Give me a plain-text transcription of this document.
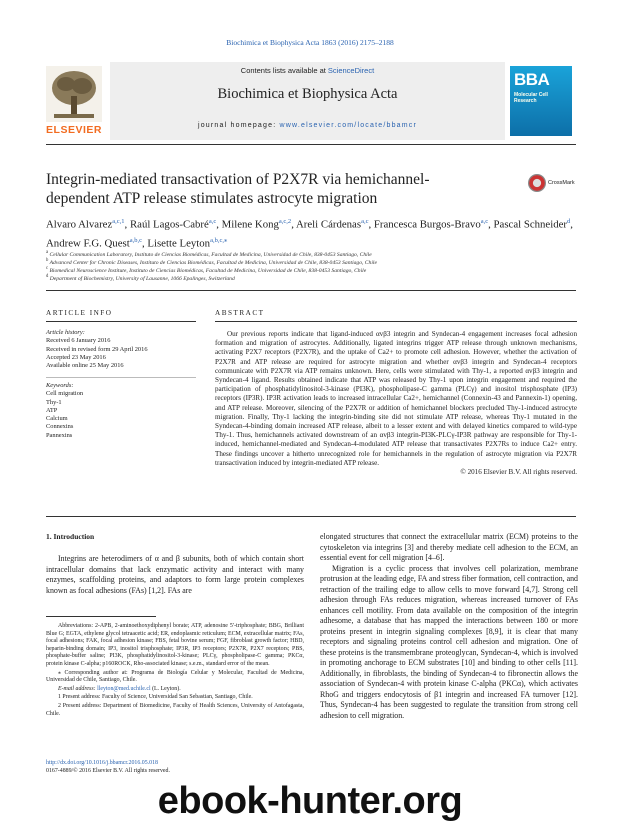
Biochimica et Biophysica Acta 1863 (2016) 2175–2188
Contents lists available at ScienceDirect
Biochimica et Biophysica Acta
journal homepage: www.elsevier.com/locate/bbamcr
ELSEVIER
BBA
Molecular Cell Research
Integrin-mediated transactivation of P2X7R via hemichannel-dependent ATP release stimulates astrocyte migration
CrossMark
Alvaro Alvarez$^{a,c,1}$, Raúl Lagos-Cabré$^{a,c}$, Milene Kong$^{a,c,2}$, Areli Cárdenas$^{a,c}$, Francesca Burgos-Bravo$^{a,c}$, Pascal Schneider$^d$, Andrew F.G. Quest$^{a,b,c}$, Lisette Leyton$^{a,b,c,⁎}$
$^a$ Cellular Communication Laboratory, Instituto de Ciencias Biomédicas, Facultad de Medicina, Universidad de Chile, 838-0453 Santiago, Chile
$^b$ Advanced Center for Chronic Diseases, Instituto de Ciencias Biomédicas, Facultad de Medicina, Universidad de Chile, 838-0453 Santiago, Chile
$^c$ Biomedical Neuroscience Institute, Instituto de Ciencias Biomédicas, Facultad de Medicina, Universidad de Chile, 838-0453 Santiago, Chile
$^d$ Department of Biochemistry, University of Lausanne, 1066 Epalinges, Switzerland
ARTICLE INFO	ABSTRACT
Article history:
Received 6 January 2016
Received in revised form 29 April 2016
Accepted 23 May 2016
Available online 25 May 2016
Keywords:
Cell migration
Thy-1
ATP
Calcium
Connexins
Pannexins

Our previous reports indicate that ligand-induced αvβ3 integrin and Syndecan-4 engagement increases focal adhesion formation and migration of astrocytes. Additionally, ligated integrins trigger ATP release through unknown mechanisms, activating P2X7 receptors (P2X7R), and the uptake of Ca2+ to promote cell adhesion. However, whether the activation of P2X7R and ATP release are required for astrocyte migration and whether αvβ3 integrin and Syndecan-4 receptors communicate with P2X7R via ATP remains unknown. Here, cells were stimulated with Thy-1, a reported αvβ3 integrin and Syndecan-4 ligand. Results obtained indicate that ATP was released by Thy-1 upon integrin engagement and required the participation of phosphatidylinositol-3-kinase (PI3K), phospholipase-C gamma (PLCγ) and inositol trisphosphate (IP3) receptors (IP3R). IP3R activation leads to increased intracellular Ca2+, hemichannel (Connexin-43 and Pannexin-1) opening, and ATP release. Moreover, silencing of the P2X7R or addition of hemichannel blockers precluded Thy-1-induced astrocyte migration. Finally, Thy-1 lacking the integrin-binding site did not stimulate ATP release, whereas Thy-1 mutated in the Syndecan-4-binding domain increased ATP release, albeit to a lesser extent and with delayed kinetics compared to wild-type Thy-1. Thus, hemichannels activated downstream of an αvβ3 integrin-PI3K-PLCγ-IP3R pathway are responsible for Thy-1-induced, hemichannel-mediated and Syndecan-4-modulated ATP release that transactivates P2X7Rs to induce Ca2+ entry. These findings uncover a hitherto unrecognized role for hemichannels in the regulation of astrocyte migration via P2X7R transactivation induced by integrin-mediated ATP release.

© 2016 Elsevier B.V. All rights reserved.
1. Introduction

Integrins are heterodimers of α and β subunits, both of which contain short intracellular domains that lack enzymatic activity and interact with many enzymes, scaffolding proteins, and adaptors to form large protein complexes known as focal adhesions (FAs) [1,2]. FAs are

elongated structures that connect the extracellular matrix (ECM) proteins to the cytoskeleton via integrins [3] and thereby mediate cell adhesion to the ECM, an essential event for cell migration [4–6].

Migration is a cyclic process that involves cell polarization, membrane protrusion at the leading edge, FA and stress fiber formation, cell contraction, and retraction of the trailing edge to allow cells to move forward [4,7]. Strong cell adhesion through FAs reduces migration, whereas increased turnover of FAs enhances cell motility. From data available on the composition of the integrin adhesome, a database that has mapped the interactions between 180 or more proteins present in integrin signaling complexes [8,9], it is clear that many receptors and signaling proteins control cell adhesion and migration. One of these proteins is the transmembrane proteoglycan, Syndecan-4, which is involved in promoting anchorage to ECM substrates [10] and binding to other cells [11]. Additionally, in fibroblasts, the binding of Syndecan-4 to fibronectin allows the association of Syndecan-4 with protein kinase C-alpha (PKCα), which activates RhoG and triggers endocytosis of β1 integrin and increased FA turnover [12]. Thus, Syndecan-4 has been suggested to regulate the transition from strong cell adhesion to cell migration.

Abbreviations: 2-APB, 2-aminoethoxydiphenyl borate; ATP, adenosine 5′-triphosphate; BBG, Brilliant Blue G; EGTA, ethylene glycol tetraacetic acid; ER, endoplasmic reticulum; ECM, extracellular matrix; FAs, focal adhesions; FAK, focal adhesion kinase; FBS, fetal bovine serum; FGF, fibroblast growth factor; HBD, heparin-binding domain; IP3, inositol trisphosphate; IP3R, IP3 receptors; P2X7R, P2X7 receptors; PBS, phosphate-buffer saline; PI3K, phosphatidylinositol-3-kinase; PLCγ, phospholipase-C gamma; PKCα, protein kinase C-alpha; p160ROCK, Rho-associated kinase; s.e.m., standard error of the mean.

⁎ Corresponding author at: Programa de Biología Celular y Molecular, Facultad de Medicina, Universidad de Chile, Santiago, Chile.

E-mail address: lleyton@med.uchile.cl (L. Leyton).

1 Present address: Faculty of Science, Universidad San Sebastian, Santiago, Chile.

2 Present address: Department of Biomedicine, Faculty of Health Sciences, University of Antofagasta, Chile.

http://dx.doi.org/10.1016/j.bbamcr.2016.05.018
0167-4889/© 2016 Elsevier B.V. All rights reserved.
ebook-hunter.org
